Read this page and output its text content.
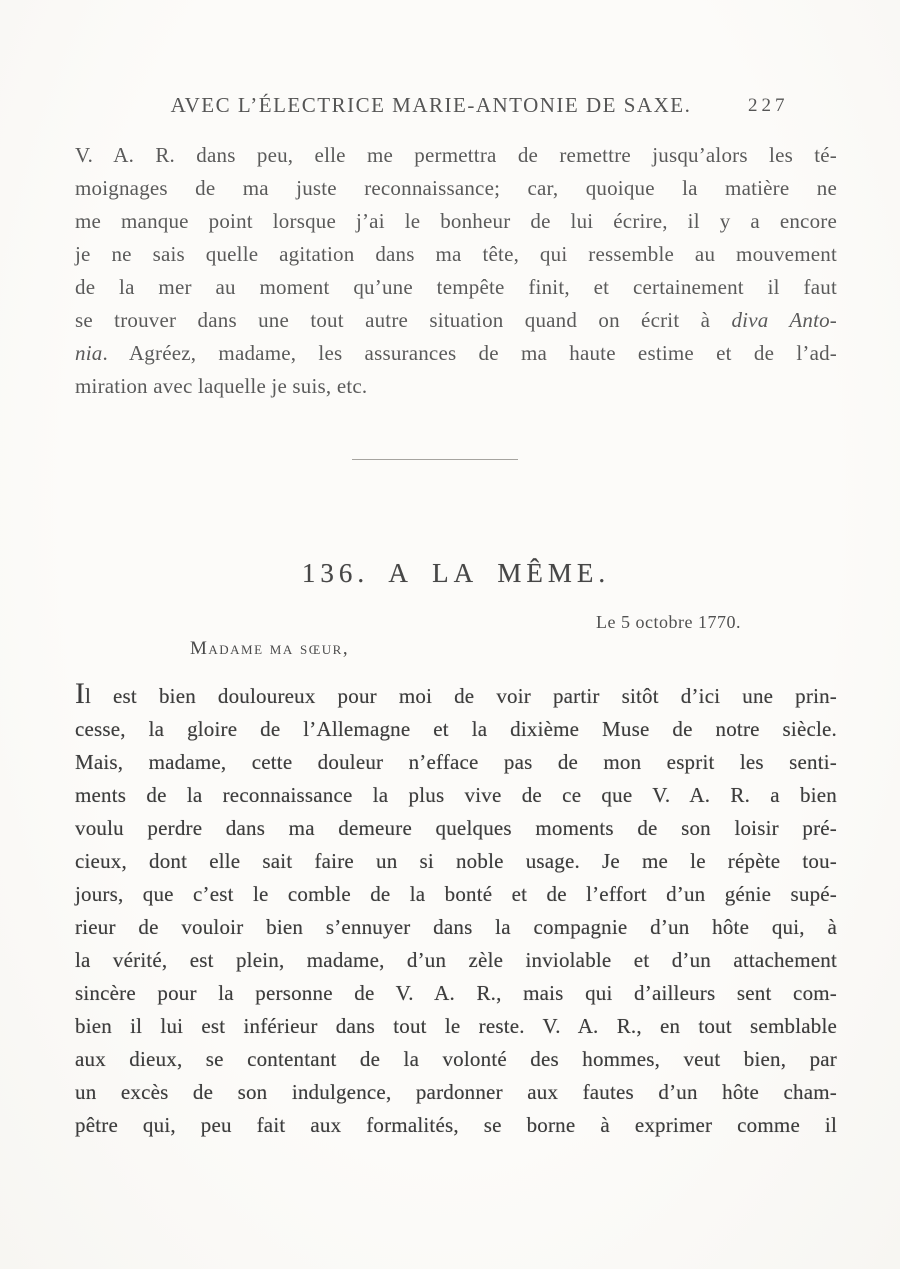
AVEC L’ÉLECTRICE MARIE-ANTONIE DE SAXE.	227
V. A. R. dans peu, elle me permettra de remettre jusqu’alors les té-
moignages de ma juste reconnaissance; car, quoique la matière ne
me manque point lorsque j’ai le bonheur de lui écrire, il y a encore
je ne sais quelle agitation dans ma tête, qui ressemble au mouvement
de la mer au moment qu’une tempête finit, et certainement il faut
se trouver dans une tout autre situation quand on écrit à diva Anto-
nia. Agréez, madame, les assurances de ma haute estime et de l’ad-
miration avec laquelle je suis, etc.
136. A LA MÊME.
Le 5 octobre 1770.
Madame ma sœur,
Il est bien douloureux pour moi de voir partir sitôt d’ici une prin-
cesse, la gloire de l’Allemagne et la dixième Muse de notre siècle.
Mais, madame, cette douleur n’efface pas de mon esprit les senti-
ments de la reconnaissance la plus vive de ce que V. A. R. a bien
voulu perdre dans ma demeure quelques moments de son loisir pré-
cieux, dont elle sait faire un si noble usage. Je me le répète tou-
jours, que c’est le comble de la bonté et de l’effort d’un génie supé-
rieur de vouloir bien s’ennuyer dans la compagnie d’un hôte qui, à
la vérité, est plein, madame, d’un zèle inviolable et d’un attachement
sincère pour la personne de V. A. R., mais qui d’ailleurs sent com-
bien il lui est inférieur dans tout le reste. V. A. R., en tout semblable
aux dieux, se contentant de la volonté des hommes, veut bien, par
un excès de son indulgence, pardonner aux fautes d’un hôte cham-
pêtre qui, peu fait aux formalités, se borne à exprimer comme il
